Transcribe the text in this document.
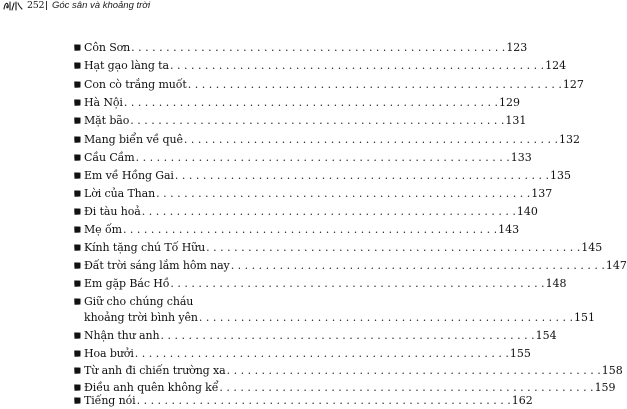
252 Góc sân và khoảng trời
Côn Sơn . . .	123
Hạt gạo làng ta . . .	124
Con cò trắng muốt . . .	127
Hà Nội . . .	129
Mặt bão . . .	131
Mang biển về quê . . .	132
Cầu Cầm . . .	133
Em về Hồng Gai . . .	135
Lời của Than . . .	137
Đi tàu hoả . . .	140
Mẹ ốm . . .	143
Kính tặng chú Tố Hữu . . .	145
Đất trời sáng lắm hôm nay . . .	147
Em gặp Bác Hồ . . .	148
Giữ cho chúng cháu
khoảng trời bình yên . . .	151
Nhận thư anh . . .	154
Hoa bưởi . . .	155
Từ anh đi chiến trường xa . . .	158
Điều anh quên không kể . . .	159
Tiếng nói . . .	162
